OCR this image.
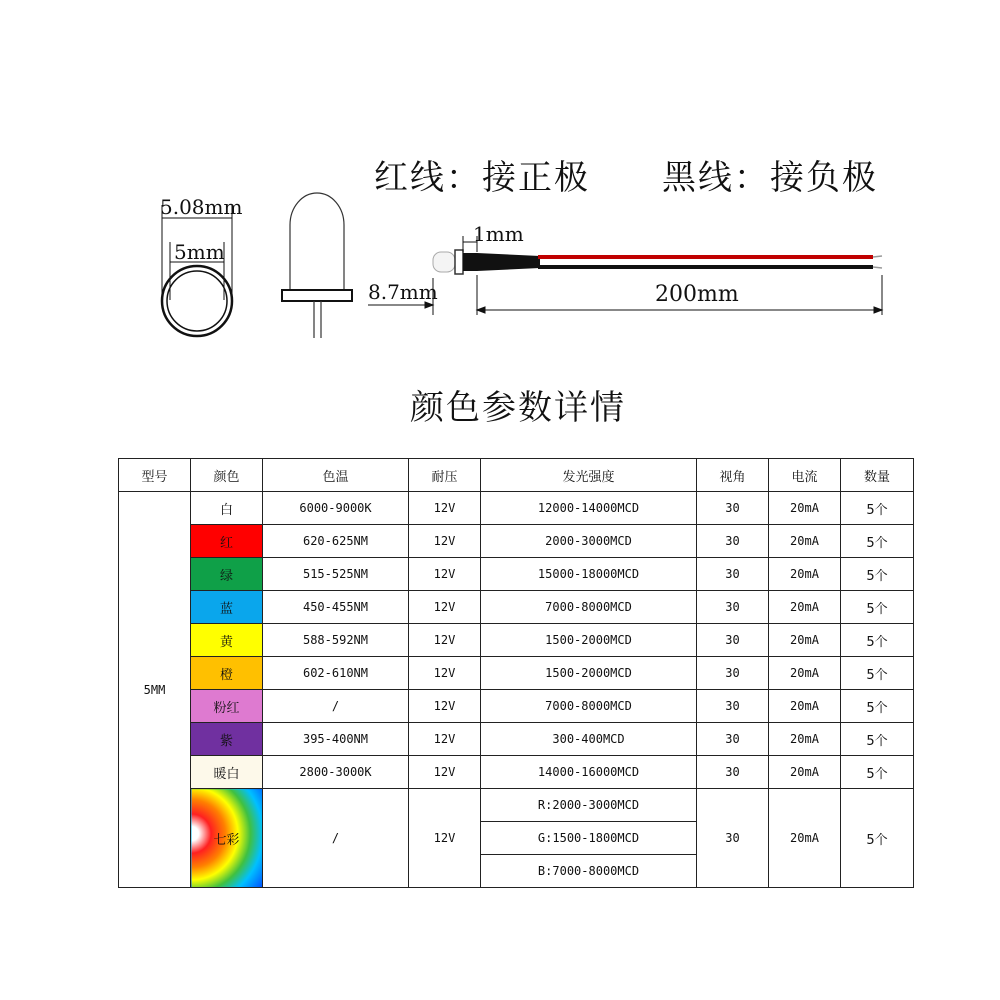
红线：接正极 黑线：接负极
5.08mm
5mm
8.7mm
1mm
200mm
颜色参数详情
型号	颜色	色温	耐压	发光强度	视角	电流	数量
5MM	白	6000-9000K	12V	12000-14000MCD	30	20mA	5个
	红	620-625NM	12V	2000-3000MCD	30	20mA	5个
	绿	515-525NM	12V	15000-18000MCD	30	20mA	5个
	蓝	450-455NM	12V	7000-8000MCD	30	20mA	5个
	黄	588-592NM	12V	1500-2000MCD	30	20mA	5个
	橙	602-610NM	12V	1500-2000MCD	30	20mA	5个
	粉红	/	12V	7000-8000MCD	30	20mA	5个
	紫	395-400NM	12V	300-400MCD	30	20mA	5个
	暖白	2800-3000K	12V	14000-16000MCD	30	20mA	5个
	七彩	/	12V	R:2000-3000MCD	30	20mA	5个
				G:1500-1800MCD			
				B:7000-8000MCD			
